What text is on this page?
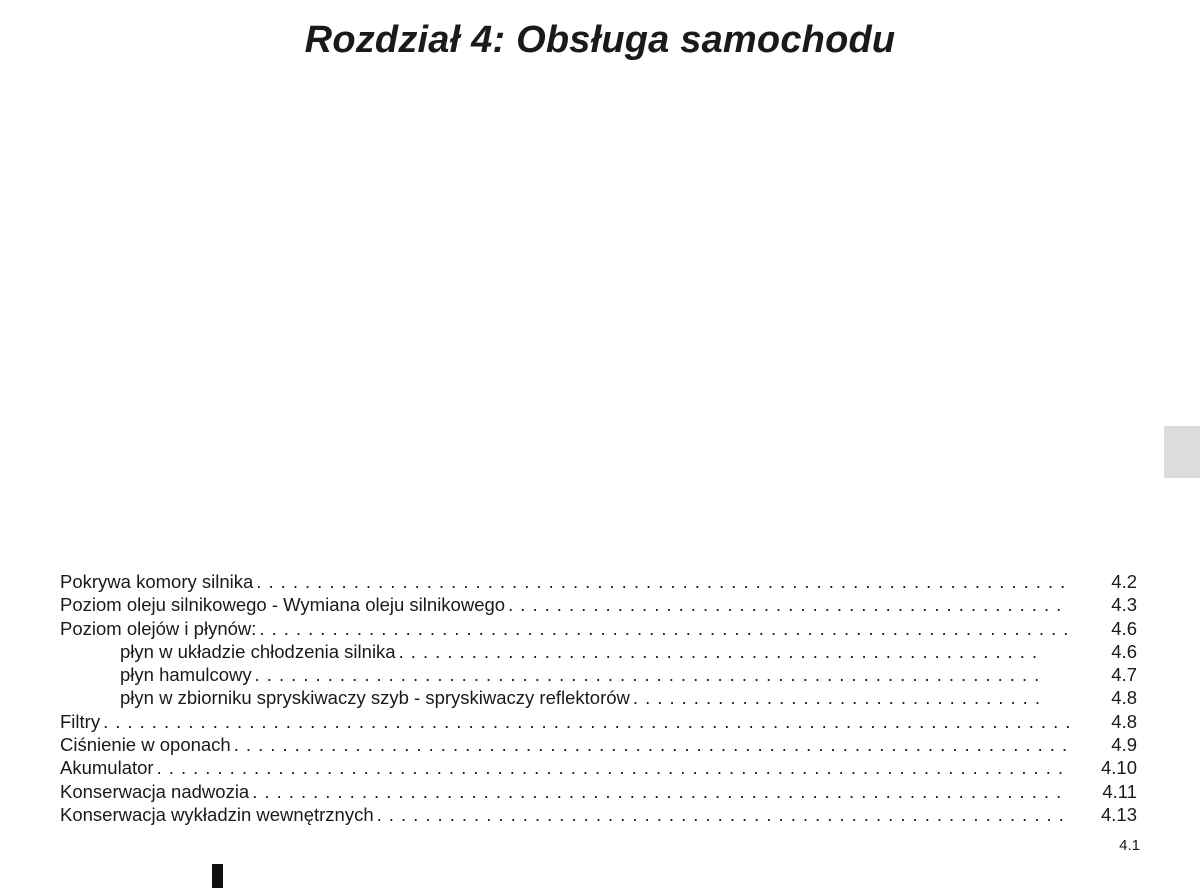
Rozdział 4: Obsługa samochodu
Pokrywa komory silnika . . .	4.2
Poziom oleju silnikowego - Wymiana oleju silnikowego . . .	4.3
Poziom olejów i płynów: . . .	4.6
płyn w układzie chłodzenia silnika . . .	4.6
płyn hamulcowy . . .	4.7
płyn w zbiorniku spryskiwaczy szyb - spryskiwaczy reflektorów . . .	4.8
Filtry . . .	4.8
Ciśnienie w oponach . . .	4.9
Akumulator . . .	4.10
Konserwacja nadwozia . . .	4.11
Konserwacja wykładzin wewnętrznych . . .	4.13
4.1
